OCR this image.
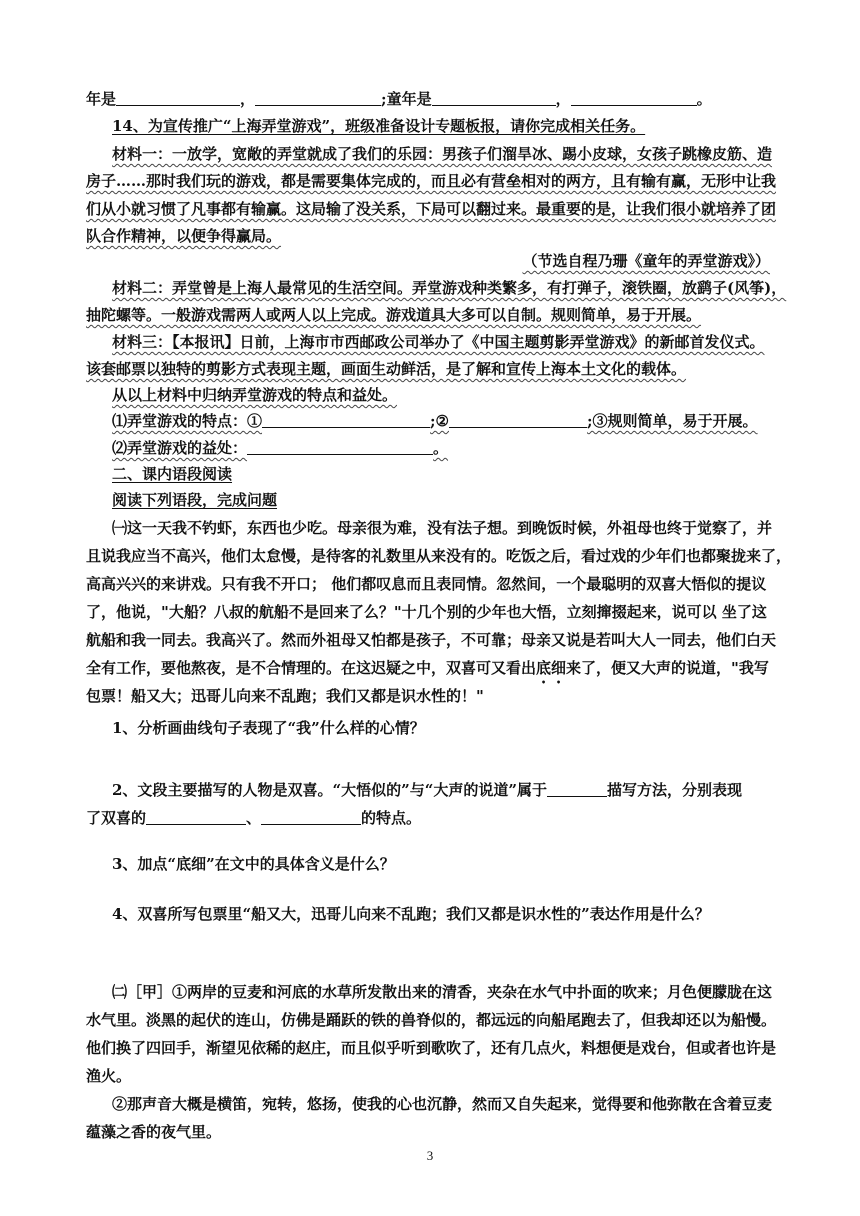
年是	，	;童年是	，	。
14、为宣传推广“上海弄堂游戏”，班级准备设计专题板报，请你完成相关任务。
材料一：一放学，宽敞的弄堂就成了我们的乐园：男孩子们溜旱冰、踢小皮球，女孩子跳橡皮筋、造
房子……那时我们玩的游戏，都是需要集体完成的，而且必有营垒相对的两方，且有输有赢，无形中让我
们从小就习惯了凡事都有输赢。这局输了没关系，下局可以翻过来。最重要的是，让我们很小就培养了团
队合作精神，以便争得赢局。
（节选自程乃珊《童年的弄堂游戏》）
材料二：弄堂曾是上海人最常见的生活空间。弄堂游戏种类繁多，有打弹子，滚铁圈，放鹞子(风筝)，
抽陀螺等。一般游戏需两人或两人以上完成。游戏道具大多可以自制。规则简单，易于开展。
材料三：【本报讯】日前，上海市市西邮政公司举办了《中国主题剪影弄堂游戏》的新邮首发仪式。
该套邮票以独特的剪影方式表现主题，画面生动鲜活，是了解和宣传上海本土文化的载体。
从以上材料中归纳弄堂游戏的特点和益处。
⑴弄堂游戏的特点：①	;②	;③规则简单，易于开展。
⑵弄堂游戏的益处：	。
二、课内语段阅读
阅读下列语段，完成问题
㈠这一天我不钓虾，东西也少吃。母亲很为难，没有法子想。到晚饭时候，外祖母也终于觉察了，并
且说我应当不高兴，他们太怠慢，是待客的礼数里从来没有的。吃饭之后，看过戏的少年们也都聚拢来了，
高高兴兴的来讲戏。只有我不开口； 他们都叹息而且表同情。忽然间，一个最聪明的双喜大悟似的提议
了，他说，"大船？八叔的航船不是回来了么？"十几个别的少年也大悟，立刻撺掇起来，说可以 坐了这
航船和我一同去。我高兴了。然而外祖母又怕都是孩子，不可靠；母亲又说是若叫大人一同去，他们白天
全有工作，要他熬夜，是不合情理的。在这迟疑之中，双喜可又看出底细来了，便又大声的说道，"我写
包票！船又大；迅哥儿向来不乱跑；我们又都是识水性的！"
1、分析画曲线句子表现了“我”什么样的心情？
2、文段主要描写的人物是双喜。“大悟似的”与“大声的说道”属于	描写方法，分别表现
了双喜的	、	的特点。
3、加点“底细”在文中的具体含义是什么？
4、双喜所写包票里“船又大，迅哥儿向来不乱跑；我们又都是识水性的”表达作用是什么？
㈡［甲］①两岸的豆麦和河底的水草所发散出来的清香，夹杂在水气中扑面的吹来；月色便朦胧在这
水气里。淡黑的起伏的连山，仿佛是踊跃的铁的兽脊似的，都远远的向船尾跑去了，但我却还以为船慢。
他们换了四回手，渐望见依稀的赵庄，而且似乎听到歌吹了，还有几点火，料想便是戏台，但或者也许是
渔火。
②那声音大概是横笛，宛转，悠扬，使我的心也沉静，然而又自失起来，觉得要和他弥散在含着豆麦
蕴藻之香的夜气里。
3
